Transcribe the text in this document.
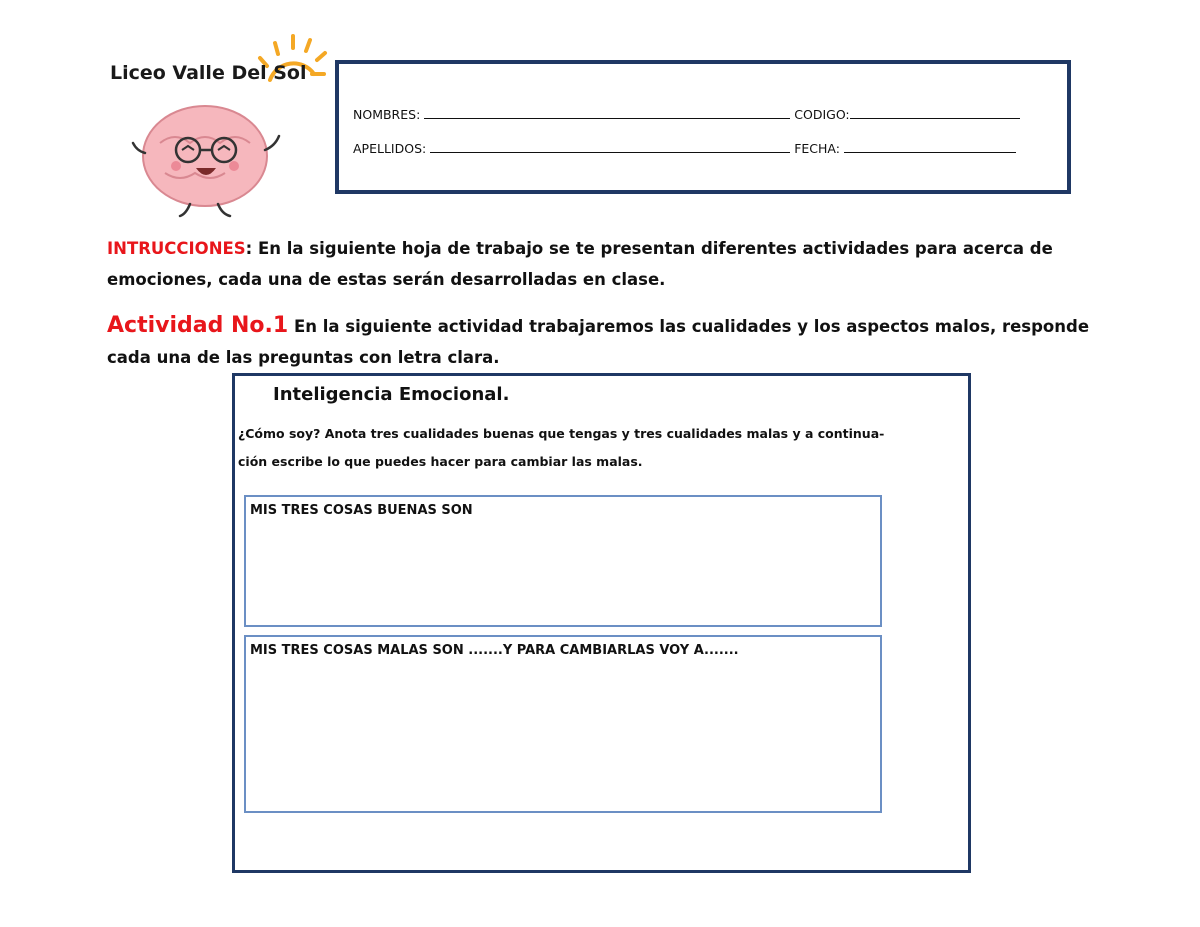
Liceo Valle Del Sol
NOMBRES:	CODIGO:
APELLIDOS:	FECHA:
INTRUCCIONES: En la siguiente hoja de trabajo se te presentan diferentes actividades para acerca de emociones, cada una de estas serán desarrolladas en clase.
Actividad No.1 En la siguiente actividad trabajaremos las cualidades y los aspectos malos, responde cada una de las preguntas con letra clara.
Inteligencia Emocional.
¿Cómo soy? Anota tres cualidades buenas que tengas y tres cualidades malas y a continua-
ción escribe lo que puedes hacer para cambiar las malas.
MIS TRES COSAS BUENAS SON
MIS TRES COSAS MALAS SON .......Y PARA CAMBIARLAS VOY A.......
